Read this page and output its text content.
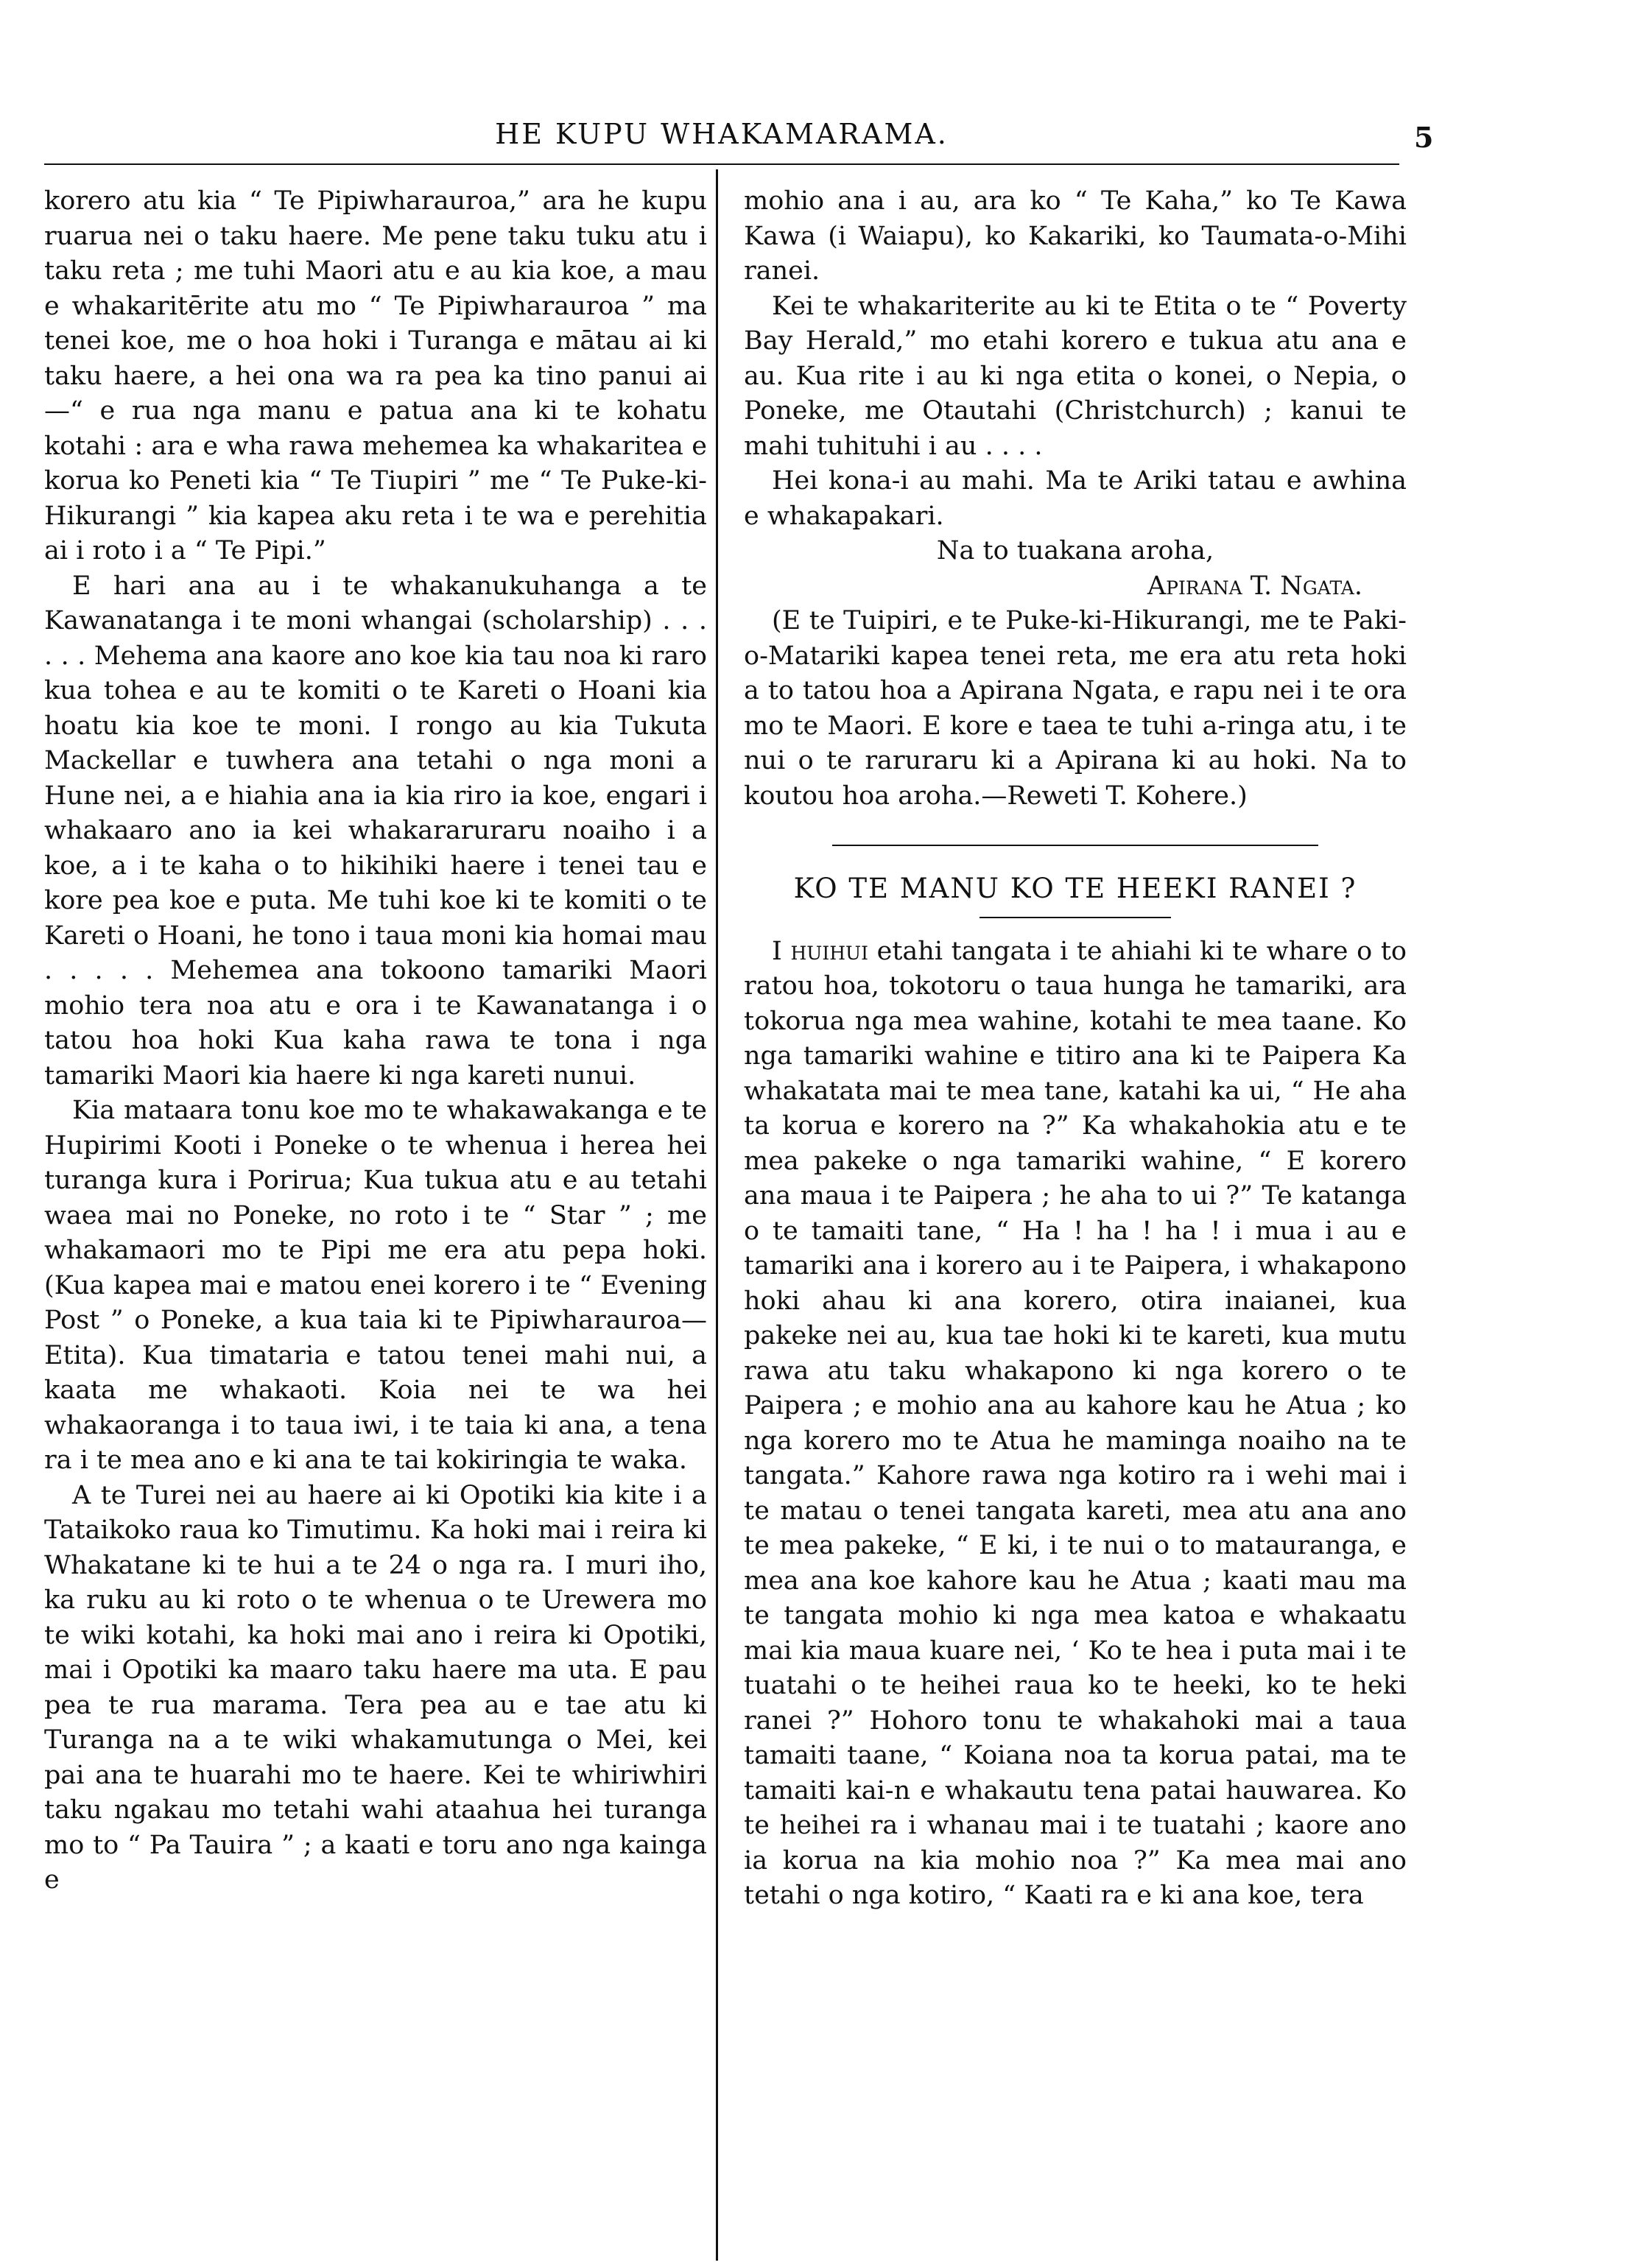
HE KUPU WHAKAMARAMA.	5

korero atu kia “ Te Pipiwharauroa,” ara he kupu ruarua nei o taku haere. Me pene taku tuku atu i taku reta ; me tuhi Maori atu e au kia koe, a mau e whakaritērite atu mo “ Te Pipiwharauroa ” ma tenei koe, me o hoa hoki i Turanga e mātau ai ki taku haere, a hei ona wa ra pea ka tino panui ai—“ e rua nga manu e patua ana ki te kohatu kotahi : ara e wha rawa mehemea ka whakaritea e korua ko Peneti kia “ Te Tiupiri ” me “ Te Puke-ki-Hikurangi ” kia kapea aku reta i te wa e perehitia ai i roto i a “ Te Pipi.”

E hari ana au i te whakanukuhanga a te Kawanatanga i te moni whangai (scholarship) . . . . . . Mehema ana kaore ano koe kia tau noa ki raro kua tohea e au te komiti o te Kareti o Hoani kia hoatu kia koe te moni. I rongo au kia Tukuta Mackellar e tuwhera ana tetahi o nga moni a Hune nei, a e hiahia ana ia kia riro ia koe, engari i whakaaro ano ia kei whakararuraru noaiho i a koe, a i te kaha o to hikihiki haere i tenei tau e kore pea koe e puta. Me tuhi koe ki te komiti o te Kareti o Hoani, he tono i taua moni kia homai mau . . . . . Mehemea ana tokoono tamariki Maori mohio tera noa atu e ora i te Kawanatanga i o tatou hoa hoki Kua kaha rawa te tona i nga tamariki Maori kia haere ki nga kareti nunui.

Kia mataara tonu koe mo te whakawakanga e te Hupirimi Kooti i Poneke o te whenua i herea hei turanga kura i Porirua; Kua tukua atu e au tetahi waea mai no Poneke, no roto i te “ Star ” ; me whakamaori mo te Pipi me era atu pepa hoki. (Kua kapea mai e matou enei korero i te “ Evening Post ” o Poneke, a kua taia ki te Pipiwharauroa—Etita). Kua timataria e tatou tenei mahi nui, a kaata me whakaoti. Koia nei te wa hei whakaoranga i to taua iwi, i te taia ki ana, a tena ra i te mea ano e ki ana te tai kokiringia te waka.

A te Turei nei au haere ai ki Opotiki kia kite i a Tataikoko raua ko Timutimu. Ka hoki mai i reira ki Whakatane ki te hui a te 24 o nga ra. I muri iho, ka ruku au ki roto o te whenua o te Urewera mo te wiki kotahi, ka hoki mai ano i reira ki Opotiki, mai i Opotiki ka maaro taku haere ma uta. E pau pea te rua marama. Tera pea au e tae atu ki Turanga na a te wiki whakamutunga o Mei, kei pai ana te huarahi mo te haere. Kei te whiriwhiri taku ngakau mo tetahi wahi ataahua hei turanga mo to “ Pa Tauira ” ; a kaati e toru ano nga kainga e

mohio ana i au, ara ko “ Te Kaha,” ko Te Kawa Kawa (i Waiapu), ko Kakariki, ko Taumata-o-Mihi ranei.

Kei te whakariterite au ki te Etita o te “ Poverty Bay Herald,” mo etahi korero e tukua atu ana e au. Kua rite i au ki nga etita o konei, o Nepia, o Poneke, me Otautahi (Christchurch) ; kanui te mahi tuhituhi i au . . . .

Hei kona-i au mahi. Ma te Ariki tatau e awhina e whakapakari.

Na to tuakana aroha,

Apirana T. Ngata.

(E te Tuipiri, e te Puke-ki-Hikurangi, me te Paki-o-Matariki kapea tenei reta, me era atu reta hoki a to tatou hoa a Apirana Ngata, e rapu nei i te ora mo te Maori. E kore e taea te tuhi a-ringa atu, i te nui o te raruraru ki a Apirana ki au hoki. Na to koutou hoa aroha.—Reweti T. Kohere.)

KO TE MANU KO TE HEEKI RANEI ?

I huihui etahi tangata i te ahiahi ki te whare o to ratou hoa, tokotoru o taua hunga he tamariki, ara tokorua nga mea wahine, kotahi te mea taane. Ko nga tamariki wahine e titiro ana ki te Paipera Ka whakatata mai te mea tane, katahi ka ui, “ He aha ta korua e korero na ?” Ka whakahokia atu e te mea pakeke o nga tamariki wahine, “ E korero ana maua i te Paipera ; he aha to ui ?” Te katanga o te tamaiti tane, “ Ha ! ha ! ha ! i mua i au e tamariki ana i korero au i te Paipera, i whakapono hoki ahau ki ana korero, otira inaianei, kua pakeke nei au, kua tae hoki ki te kareti, kua mutu rawa atu taku whakapono ki nga korero o te Paipera ; e mohio ana au kahore kau he Atua ; ko nga korero mo te Atua he maminga noaiho na te tangata.” Kahore rawa nga kotiro ra i wehi mai i te matau o tenei tangata kareti, mea atu ana ano te mea pakeke, “ E ki, i te nui o to matauranga, e mea ana koe kahore kau he Atua ; kaati mau ma te tangata mohio ki nga mea katoa e whakaatu mai kia maua kuare nei, ‘ Ko te hea i puta mai i te tuatahi o te heihei raua ko te heeki, ko te heki ranei ?” Hohoro tonu te whakahoki mai a taua tamaiti taane, “ Koiana noa ta korua patai, ma te tamaiti kai-n e whakautu tena patai hauwarea. Ko te heihei ra i whanau mai i te tuatahi ; kaore ano ia korua na kia mohio noa ?” Ka mea mai ano tetahi o nga kotiro, “ Kaati ra e ki ana koe, tera
